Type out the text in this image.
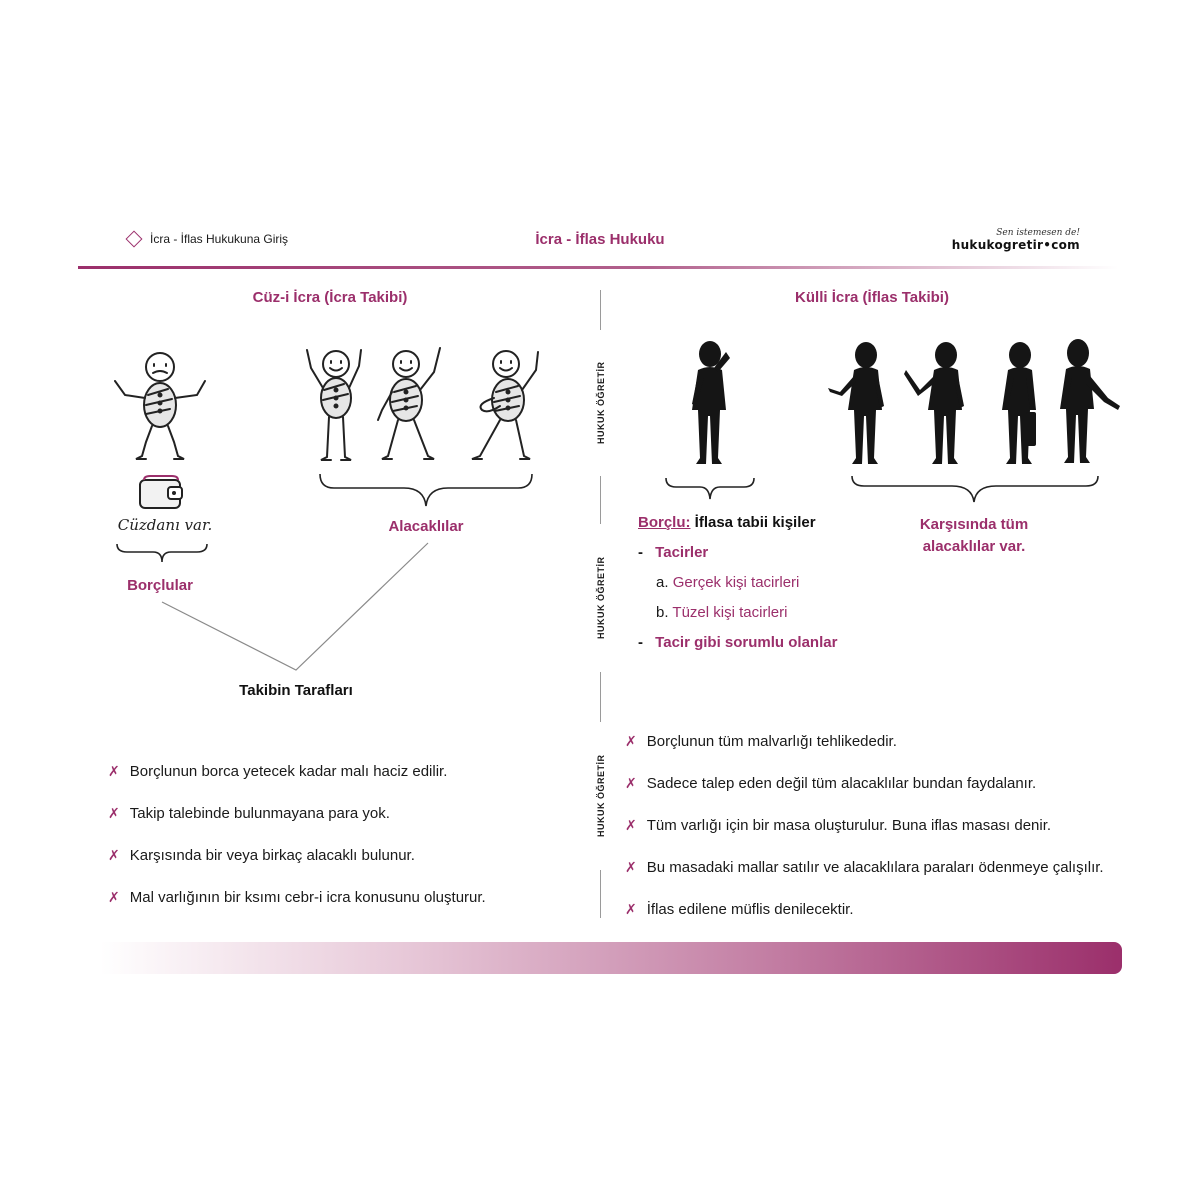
İcra - İflas Hukukuna Giriş	İcra - İflas Hukuku	Sen istemesen de!
hukukogretir•com
HUKUK ÖĞRETİR
HUKUK ÖĞRETİR
HUKUK ÖĞRETİR
Cüz-i İcra (İcra Takibi)
Cüzdanı var.
Borçlular
Alacaklılar
Takibin Tarafları
✗ Borçlunun borca yetecek kadar malı haciz edilir.
✗ Takip talebinde bulunmayana para yok.
✗ Karşısında bir veya birkaç alacaklı bulunur.
✗ Mal varlığının bir ksımı cebr-i icra konusunu oluşturur.
Külli İcra (İflas Takibi)
Borçlu: İflasa tabii kişiler	Karşısında tüm
alacaklılar var.
- Tacirler
a. Gerçek kişi tacirleri
b. Tüzel kişi tacirleri
- Tacir gibi sorumlu olanlar
✗ Borçlunun tüm malvarlığı tehlikededir.
✗ Sadece talep eden değil tüm alacaklılar bundan faydalanır.
✗ Tüm varlığı için bir masa oluşturulur. Buna iflas masası denir.
✗ Bu masadaki mallar satılır ve alacaklılara paraları ödenmeye çalışılır.
✗ İflas edilene müflis denilecektir.
